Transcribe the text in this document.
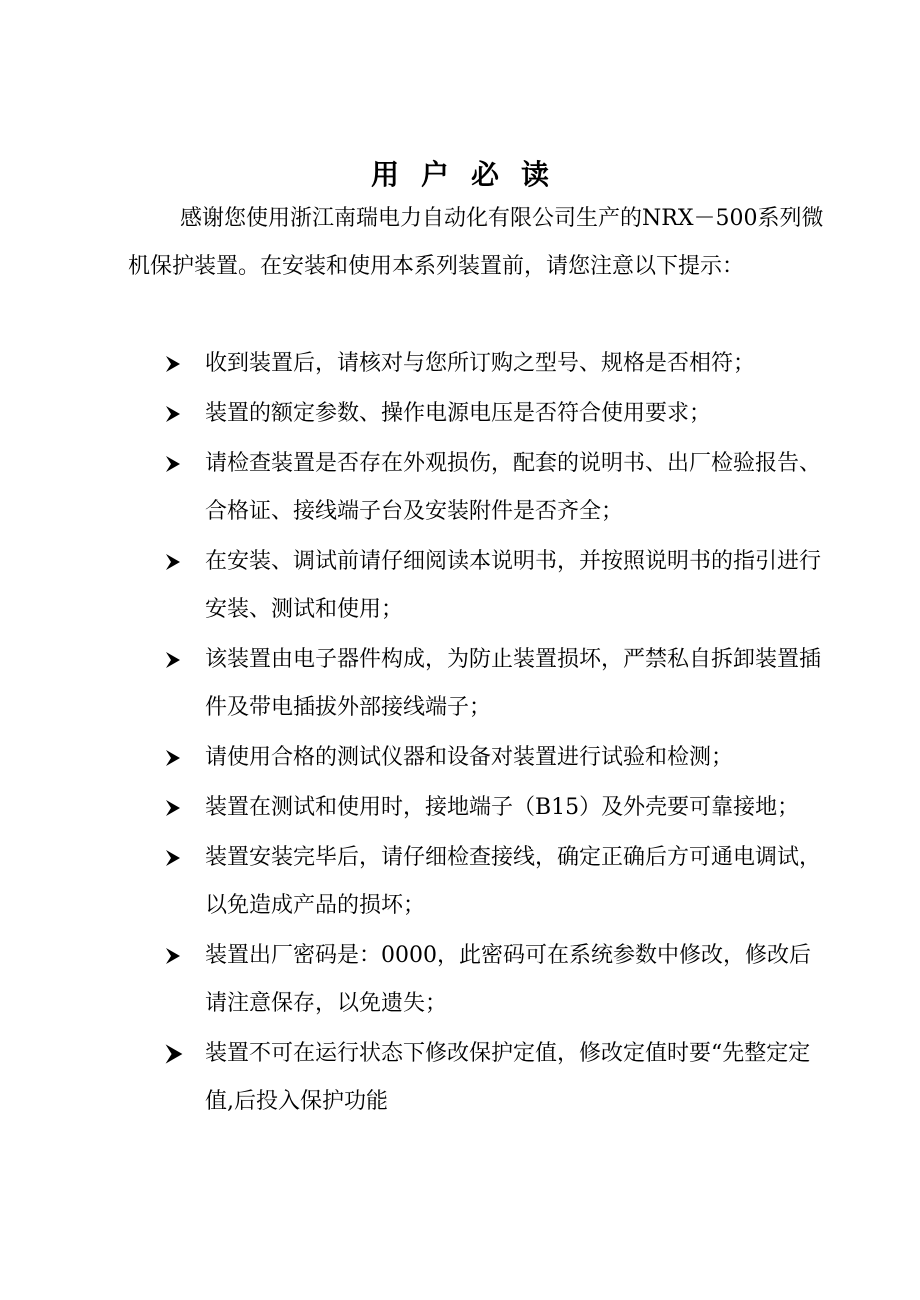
用户必读

感谢您使用浙江南瑞电力自动化有限公司生产的NRX－500系列微机保护装置。在安装和使用本系列装置前，请您注意以下提示：

收到装置后，请核对与您所订购之型号、规格是否相符；
装置的额定参数、操作电源电压是否符合使用要求；
请检查装置是否存在外观损伤，配套的说明书、出厂检验报告、合格证、接线端子台及安装附件是否齐全；
在安装、调试前请仔细阅读本说明书，并按照说明书的指引进行安装、测试和使用；
该装置由电子器件构成，为防止装置损坏，严禁私自拆卸装置插件及带电插拔外部接线端子；
请使用合格的测试仪器和设备对装置进行试验和检测；
装置在测试和使用时，接地端子（B15）及外壳要可靠接地；
装置安装完毕后，请仔细检查接线，确定正确后方可通电调试，以免造成产品的损坏；
装置出厂密码是：0000，此密码可在系统参数中修改，修改后请注意保存，以免遗失；
装置不可在运行状态下修改保护定值，修改定值时要“先整定定值,后投入保护功能
